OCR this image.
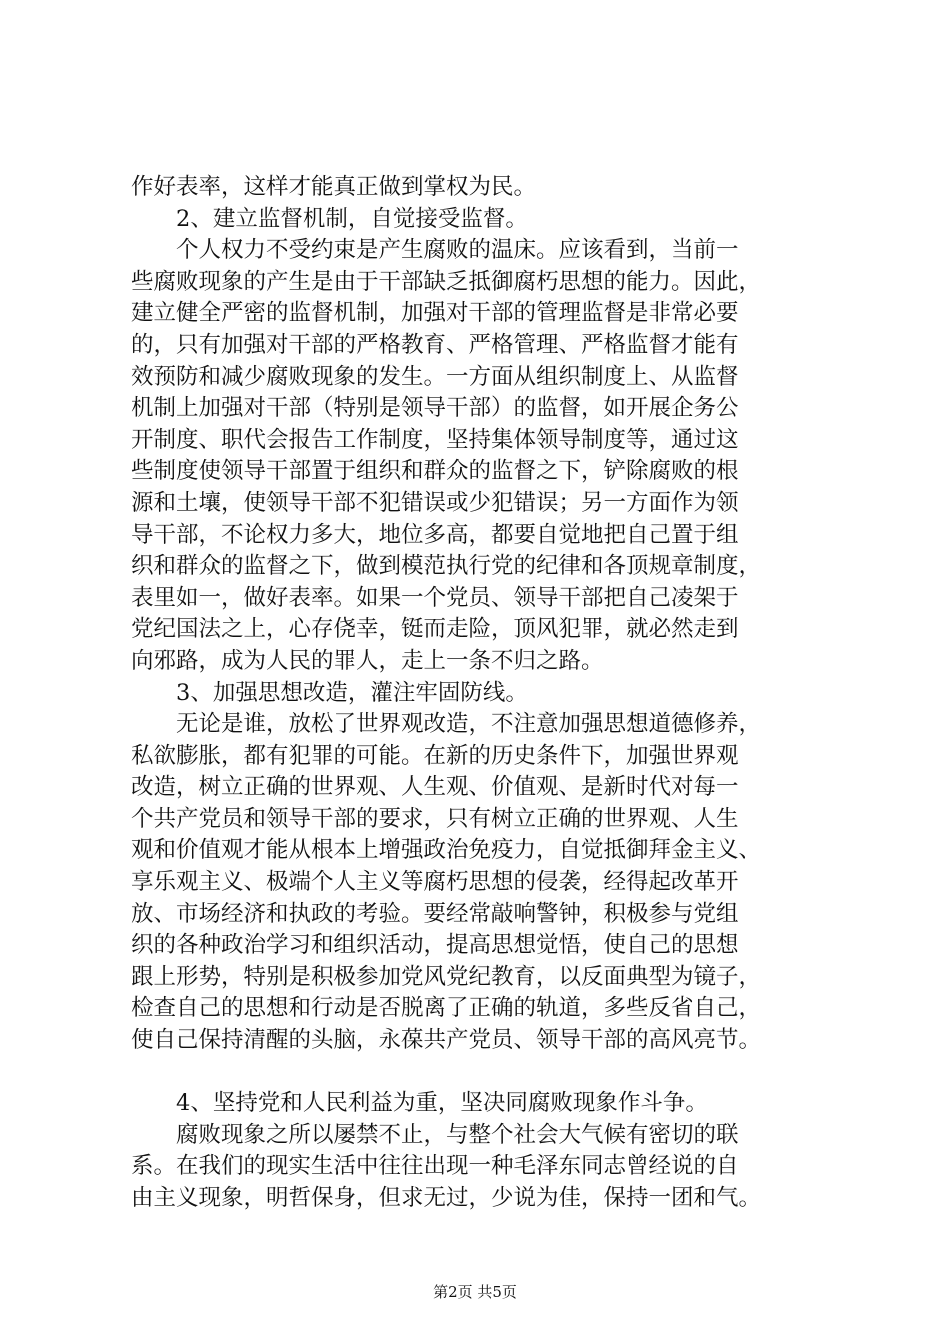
作好表率，这样才能真正做到掌权为民。
2、建立监督机制，自觉接受监督。
个人权力不受约束是产生腐败的温床。应该看到，当前一
些腐败现象的产生是由于干部缺乏抵御腐朽思想的能力。因此，
建立健全严密的监督机制，加强对干部的管理监督是非常必要
的，只有加强对干部的严格教育、严格管理、严格监督才能有
效预防和减少腐败现象的发生。一方面从组织制度上、从监督
机制上加强对干部（特别是领导干部）的监督，如开展企务公
开制度、职代会报告工作制度，坚持集体领导制度等，通过这
些制度使领导干部置于组织和群众的监督之下，铲除腐败的根
源和土壤，使领导干部不犯错误或少犯错误；另一方面作为领
导干部，不论权力多大，地位多高，都要自觉地把自己置于组
织和群众的监督之下，做到模范执行党的纪律和各顶规章制度，
表里如一，做好表率。如果一个党员、领导干部把自己凌架于
党纪国法之上，心存侥幸，铤而走险，顶风犯罪，就必然走到
向邪路，成为人民的罪人，走上一条不归之路。
3、加强思想改造，灌注牢固防线。
无论是谁，放松了世界观改造，不注意加强思想道德修养，
私欲膨胀，都有犯罪的可能。在新的历史条件下，加强世界观
改造，树立正确的世界观、人生观、价值观、是新时代对每一
个共产党员和领导干部的要求，只有树立正确的世界观、人生
观和价值观才能从根本上增强政治免疫力，自觉抵御拜金主义、
享乐观主义、极端个人主义等腐朽思想的侵袭，经得起改革开
放、市场经济和执政的考验。要经常敲响警钟，积极参与党组
织的各种政治学习和组织活动，提高思想觉悟，使自己的思想
跟上形势，特别是积极参加党风党纪教育，以反面典型为镜子，
检查自己的思想和行动是否脱离了正确的轨道，多些反省自己，
使自己保持清醒的头脑，永葆共产党员、领导干部的高风亮节。
4、坚持党和人民利益为重，坚决同腐败现象作斗争。
腐败现象之所以屡禁不止，与整个社会大气候有密切的联
系。在我们的现实生活中往往出现一种毛泽东同志曾经说的自
由主义现象，明哲保身，但求无过，少说为佳，保持一团和气。
第2页 共5页
